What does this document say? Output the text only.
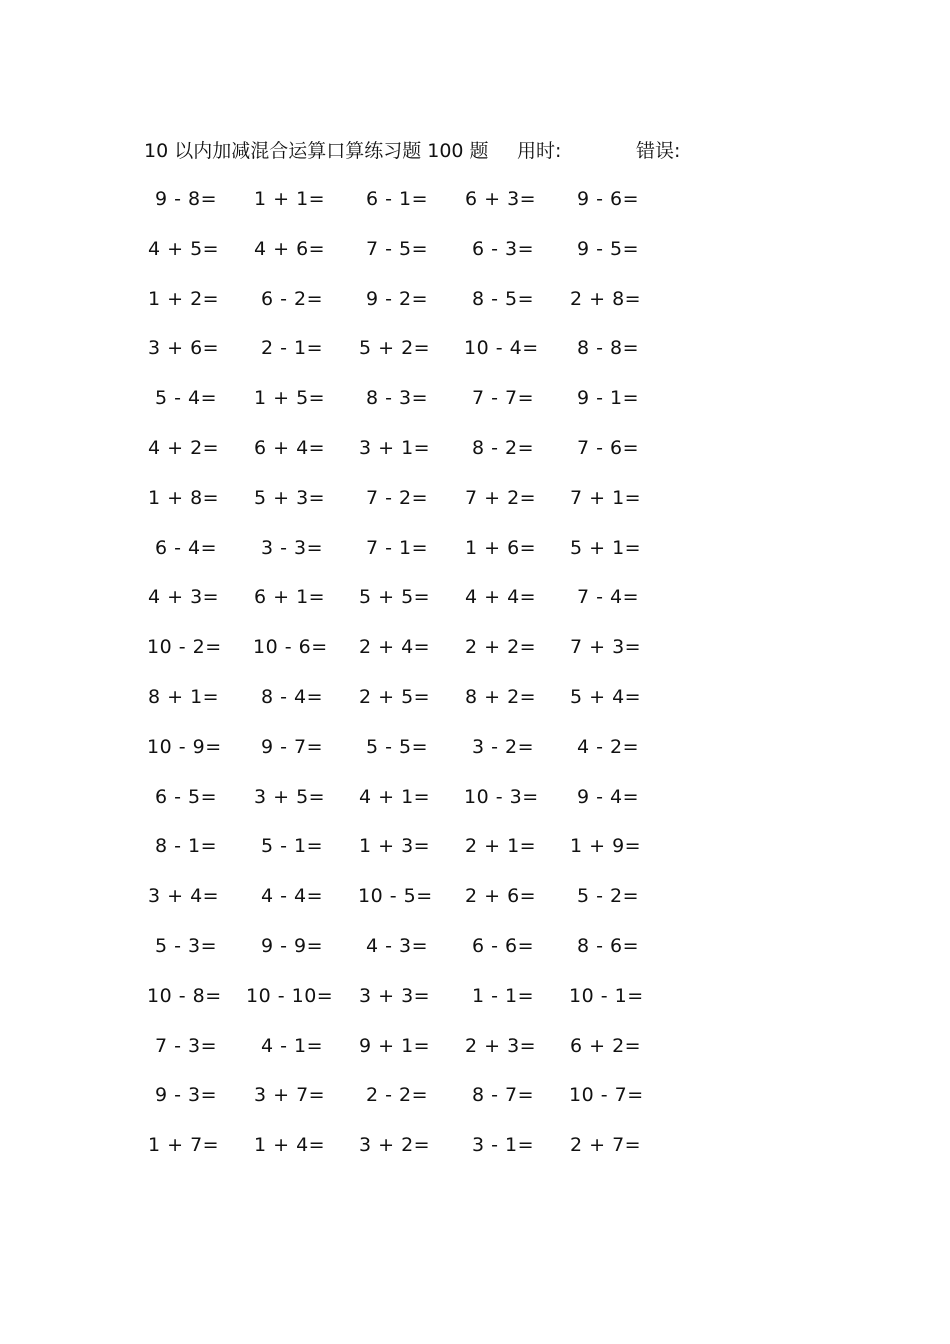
10 以内加减混合运算口算练习题 100 题 用时:	错误:
9 - 8= 1 + 1= 6 - 1= 6 + 3= 9 - 6=
4 + 5= 4 + 6= 7 - 5= 6 - 3= 9 - 5=
1 + 2= 6 - 2= 9 - 2= 8 - 5= 2 + 8=
3 + 6= 2 - 1= 5 + 2= 10 - 4= 8 - 8=
5 - 4= 1 + 5= 8 - 3= 7 - 7= 9 - 1=
4 + 2= 6 + 4= 3 + 1= 8 - 2= 7 - 6=
1 + 8= 5 + 3= 7 - 2= 7 + 2= 7 + 1=
6 - 4= 3 - 3= 7 - 1= 1 + 6= 5 + 1=
4 + 3= 6 + 1= 5 + 5= 4 + 4= 7 - 4=
10 - 2= 10 - 6= 2 + 4= 2 + 2= 7 + 3=
8 + 1= 8 - 4= 2 + 5= 8 + 2= 5 + 4=
10 - 9= 9 - 7= 5 - 5= 3 - 2= 4 - 2=
6 - 5= 3 + 5= 4 + 1= 10 - 3= 9 - 4=
8 - 1= 5 - 1= 1 + 3= 2 + 1= 1 + 9=
3 + 4= 4 - 4= 10 - 5= 2 + 6= 5 - 2=
5 - 3= 9 - 9= 4 - 3= 6 - 6= 8 - 6=
10 - 8= 10 - 10= 3 + 3= 1 - 1= 10 - 1=
7 - 3= 4 - 1= 9 + 1= 2 + 3= 6 + 2=
9 - 3= 3 + 7= 2 - 2= 8 - 7= 10 - 7=
1 + 7= 1 + 4= 3 + 2= 3 - 1= 2 + 7=
